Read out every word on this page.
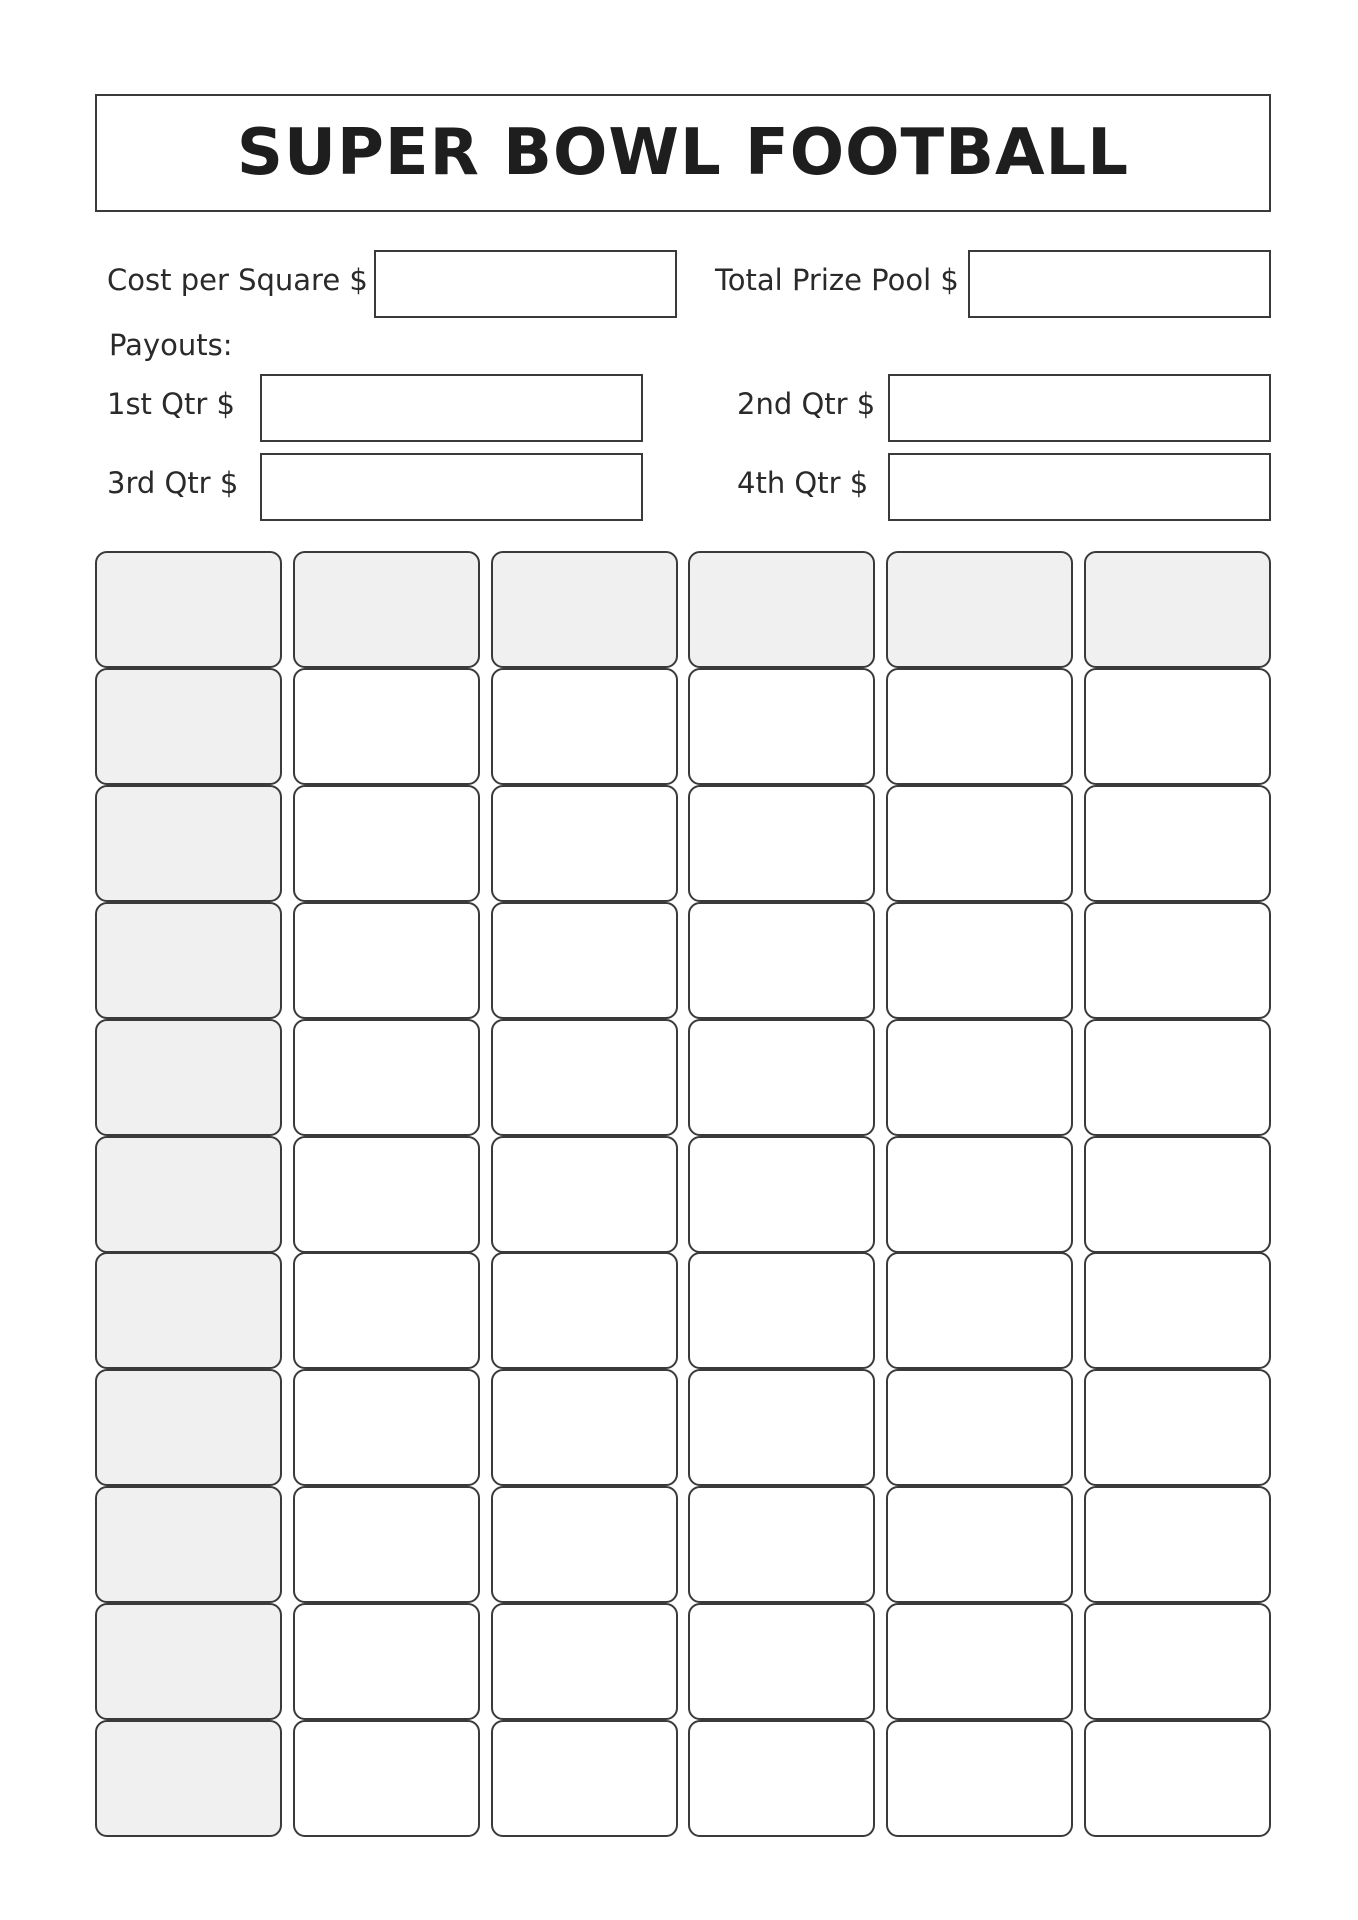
SUPER BOWL FOOTBALL
Cost per Square $	Total Prize Pool $
Payouts:
1st Qtr $	2nd Qtr $
3rd Qtr $	4th Qtr $
